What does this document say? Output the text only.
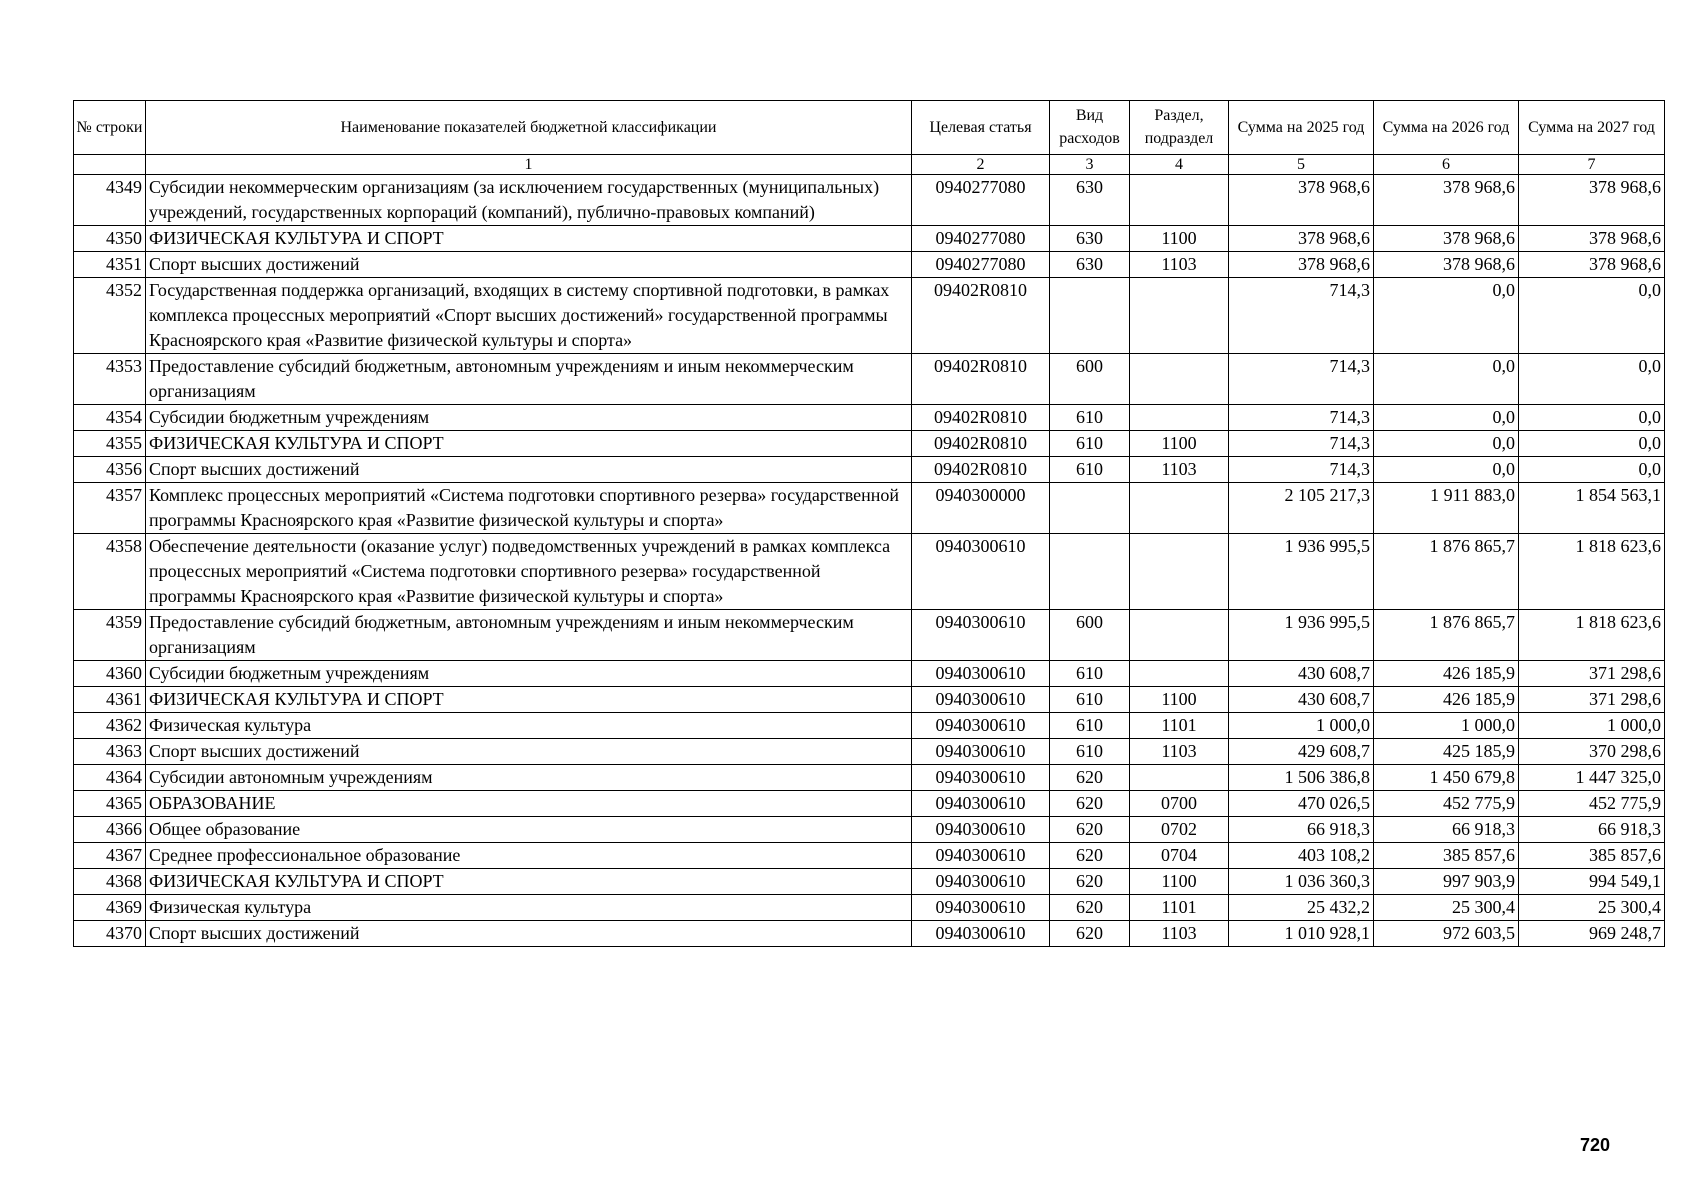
№ строки	Наименование показателей бюджетной классификации	Целевая статья	Вид расходов	Раздел, подраздел	Сумма на 2025 год	Сумма на 2026 год	Сумма на 2027 год
	1	2	3	4	5	6	7
4349	Субсидии некоммерческим организациям (за исключением государственных (муниципальных) учреждений, государственных корпораций (компаний), публично-правовых компаний)	0940277080	630		378 968,6	378 968,6	378 968,6
4350	ФИЗИЧЕСКАЯ КУЛЬТУРА И СПОРТ	0940277080	630	1100	378 968,6	378 968,6	378 968,6
4351	Спорт высших достижений	0940277080	630	1103	378 968,6	378 968,6	378 968,6
4352	Государственная поддержка организаций, входящих в систему спортивной подготовки, в рамках комплекса процессных мероприятий «Спорт высших достижений» государственной программы Красноярского края «Развитие физической культуры и спорта»	09402R0810			714,3	0,0	0,0
4353	Предоставление субсидий бюджетным, автономным учреждениям и иным некоммерческим организациям	09402R0810	600		714,3	0,0	0,0
4354	Субсидии бюджетным учреждениям	09402R0810	610		714,3	0,0	0,0
4355	ФИЗИЧЕСКАЯ КУЛЬТУРА И СПОРТ	09402R0810	610	1100	714,3	0,0	0,0
4356	Спорт высших достижений	09402R0810	610	1103	714,3	0,0	0,0
4357	Комплекс процессных мероприятий «Система подготовки спортивного резерва» государственной программы Красноярского края «Развитие физической культуры и спорта»	0940300000			2 105 217,3	1 911 883,0	1 854 563,1
4358	Обеспечение деятельности (оказание услуг) подведомственных учреждений в рамках комплекса процессных мероприятий «Система подготовки спортивного резерва» государственной программы Красноярского края «Развитие физической культуры и спорта»	0940300610			1 936 995,5	1 876 865,7	1 818 623,6
4359	Предоставление субсидий бюджетным, автономным учреждениям и иным некоммерческим организациям	0940300610	600		1 936 995,5	1 876 865,7	1 818 623,6
4360	Субсидии бюджетным учреждениям	0940300610	610		430 608,7	426 185,9	371 298,6
4361	ФИЗИЧЕСКАЯ КУЛЬТУРА И СПОРТ	0940300610	610	1100	430 608,7	426 185,9	371 298,6
4362	Физическая культура	0940300610	610	1101	1 000,0	1 000,0	1 000,0
4363	Спорт высших достижений	0940300610	610	1103	429 608,7	425 185,9	370 298,6
4364	Субсидии автономным учреждениям	0940300610	620		1 506 386,8	1 450 679,8	1 447 325,0
4365	ОБРАЗОВАНИЕ	0940300610	620	0700	470 026,5	452 775,9	452 775,9
4366	Общее образование	0940300610	620	0702	66 918,3	66 918,3	66 918,3
4367	Среднее профессиональное образование	0940300610	620	0704	403 108,2	385 857,6	385 857,6
4368	ФИЗИЧЕСКАЯ КУЛЬТУРА И СПОРТ	0940300610	620	1100	1 036 360,3	997 903,9	994 549,1
4369	Физическая культура	0940300610	620	1101	25 432,2	25 300,4	25 300,4
4370	Спорт высших достижений	0940300610	620	1103	1 010 928,1	972 603,5	969 248,7
720
